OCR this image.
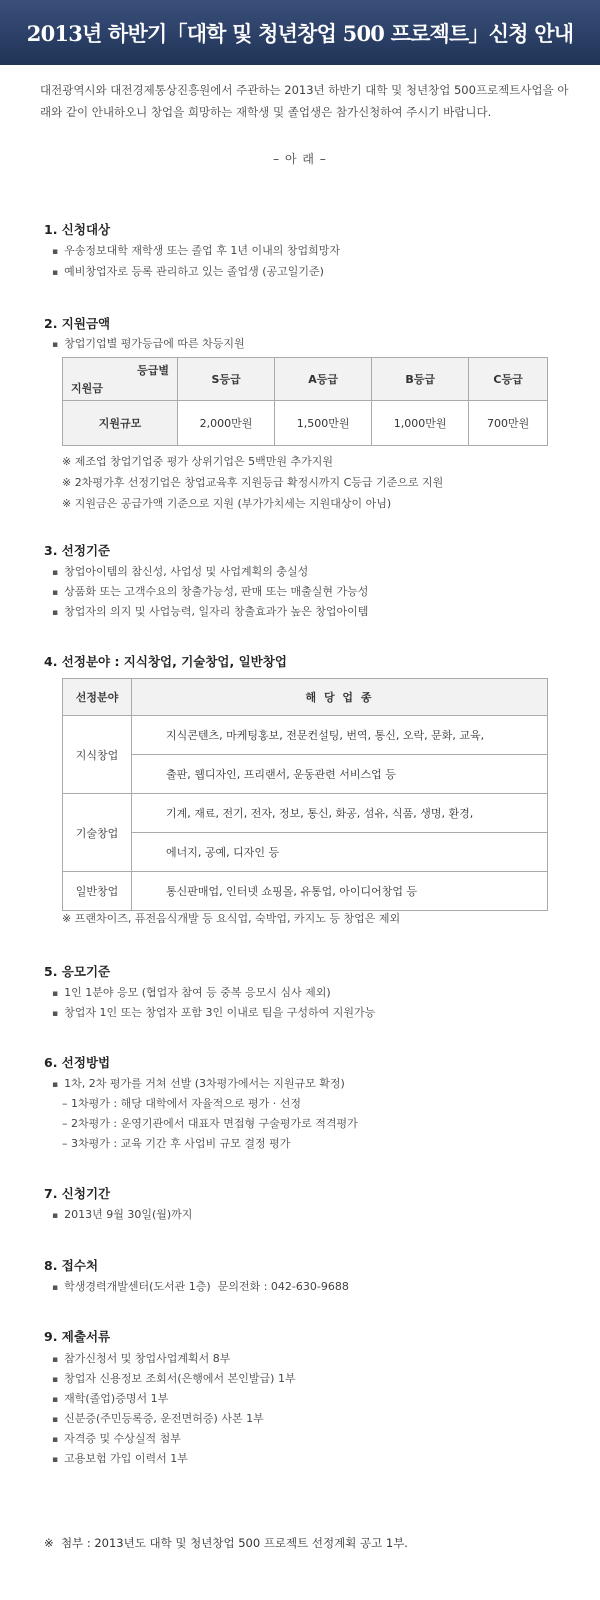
2013년 하반기「대학 및 청년창업 500 프로젝트」신청 안내
대전광역시와 대전경제통상진흥원에서 주관하는 2013년 하반기 대학 및 청년창업 500프로젝트사업을 아래와 같이 안내하오니 창업을 희망하는 재학생 및 졸업생은 참가신청하여 주시기 바랍니다.
– 아 래 –
1. 신청대상
▪ 우송정보대학 재학생 또는 졸업 후 1년 이내의 창업희망자
▪ 예비창업자로 등록 관리하고 있는 졸업생 (공고일기준)
2. 지원금액
▪ 창업기업별 평가등급에 따른 차등지원
등급별
지원금	S등급	A등급	B등급	C등급
지원규모	2,000만원	1,500만원	1,000만원	700만원
※ 제조업 창업기업중 평가 상위기업은 5백만원 추가지원
※ 2차평가후 선정기업은 창업교육후 지원등급 확정시까지 C등급 기준으로 지원
※ 지원금은 공급가액 기준으로 지원 (부가가치세는 지원대상이 아님)
3. 선정기준
▪ 창업아이템의 참신성, 사업성 및 사업계획의 충실성
▪ 상품화 또는 고객수요의 창출가능성, 판매 또는 매출실현 가능성
▪ 창업자의 의지 및 사업능력, 일자리 창출효과가 높은 창업아이템
4. 선정분야 : 지식창업, 기술창업, 일반창업
선정분야	해 당 업 종
지식창업	지식콘텐츠, 마케팅홍보, 전문컨설팅, 번역, 통신, 오락, 문화, 교육,
	출판, 웹디자인, 프리랜서, 운동관련 서비스업 등
기술창업	기계, 재료, 전기, 전자, 정보, 통신, 화공, 섬유, 식품, 생명, 환경,
	에너지, 공예, 디자인 등
일반창업	통신판매업, 인터넷 쇼핑몰, 유통업, 아이디어창업 등
※ 프랜차이즈, 퓨전음식개발 등 요식업, 숙박업, 카지노 등 창업은 제외
5. 응모기준
▪ 1인 1분야 응모 (협업자 참여 등 중복 응모시 심사 제외)
▪ 창업자 1인 또는 창업자 포함 3인 이내로 팀을 구성하여 지원가능
6. 선정방법
▪ 1차, 2차 평가를 거쳐 선발 (3차평가에서는 지원규모 확정)
– 1차평가 : 해당 대학에서 자율적으로 평가 · 선정
– 2차평가 : 운영기관에서 대표자 면접형 구술평가로 적격평가
– 3차평가 : 교육 기간 후 사업비 규모 결정 평가
7. 신청기간
▪ 2013년 9월 30일(월)까지
8. 접수처
▪ 학생경력개발센터(도서관 1층)  문의전화 : 042-630-9688
9. 제출서류
▪ 참가신청서 및 창업사업계획서 8부
▪ 창업자 신용정보 조회서(은행에서 본인발급) 1부
▪ 재학(졸업)증명서 1부
▪ 신분증(주민등록증, 운전면허증) 사본 1부
▪ 자격증 및 수상실적 첨부
▪ 고용보험 가입 이력서 1부
※  첨부 : 2013년도 대학 및 청년창업 500 프로젝트 선정계획 공고 1부.
